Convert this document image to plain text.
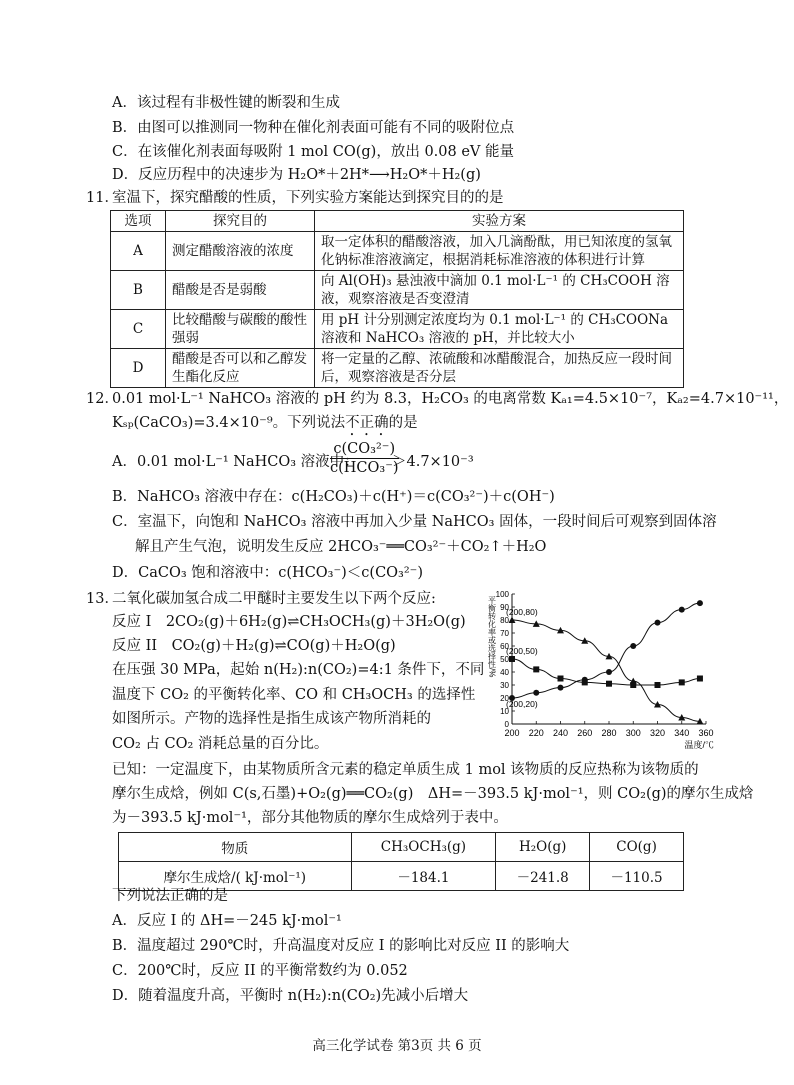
A．该过程有非极性键的断裂和生成
B．由图可以推测同一物种在催化剂表面可能有不同的吸附位点
C．在该催化剂表面每吸附 1 mol CO(g)，放出 0.08 eV 能量
D．反应历程中的决速步为 H₂O*＋2H*⟶H₂O*＋H₂(g)
11．
室温下，探究醋酸的性质，下列实验方案能达到探究目的的是
选项	探究目的	实验方案
A	测定醋酸溶液的浓度	取一定体积的醋酸溶液，加入几滴酚酞，用已知浓度的氢氧化钠标准溶液滴定，根据消耗标准溶液的体积进行计算
B	醋酸是否是弱酸	向 Al(OH)₃ 悬浊液中滴加 0.1 mol·L⁻¹ 的 CH₃COOH 溶液，观察溶液是否变澄清
C	比较醋酸与碳酸的酸性强弱	用 pH 计分别测定浓度均为 0.1 mol·L⁻¹ 的 CH₃COONa 溶液和 NaHCO₃ 溶液的 pH，并比较大小
D	醋酸是否可以和乙醇发生酯化反应	将一定量的乙醇、浓硫酸和冰醋酸混合，加热反应一段时间后，观察溶液是否分层
12．
0.01 mol·L⁻¹ NaHCO₃ 溶液的 pH 约为 8.3，H₂CO₃ 的电离常数 Kₐ₁=4.5×10⁻⁷，Kₐ₂=4.7×10⁻¹¹，
Kₛₚ(CaCO₃)=3.4×10⁻⁹。下列说法不正确的是
A．0.01 mol·L⁻¹ NaHCO₃ 溶液中：
c(CO₃²⁻)
c(HCO₃⁻)
＞4.7×10⁻³
B．NaHCO₃ 溶液中存在：c(H₂CO₃)＋c(H⁺)＝c(CO₃²⁻)＋c(OH⁻)
C．室温下，向饱和 NaHCO₃ 溶液中再加入少量 NaHCO₃ 固体，一段时间后可观察到固体溶
解且产生气泡，说明发生反应 2HCO₃⁻══CO₃²⁻＋CO₂↑＋H₂O
D．CaCO₃ 饱和溶液中：c(HCO₃⁻)＜c(CO₃²⁻)
13．
二氧化碳加氢合成二甲醚时主要发生以下两个反应:
反应 I　2CO₂(g)＋6H₂(g)⇌CH₃OCH₃(g)＋3H₂O(g)
反应 II　CO₂(g)＋H₂(g)⇌CO(g)＋H₂O(g)
在压强 30 MPa，起始 n(H₂):n(CO₂)=4:1 条件下，不同
温度下 CO₂ 的平衡转化率、CO 和 CH₃OCH₃ 的选择性
如图所示。产物的选择性是指生成该产物所消耗的
CO₂ 占 CO₂ 消耗总量的百分比。
已知：一定温度下，由某物质所含元素的稳定单质生成 1 mol 该物质的反应热称为该物质的
摩尔生成焓，例如 C(s,石墨)+O₂(g)══CO₂(g)　ΔH=－393.5 kJ·mol⁻¹，则 CO₂(g)的摩尔生成焓
为－393.5 kJ·mol⁻¹，部分其他物质的摩尔生成焓列于表中。
物质	CH₃OCH₃(g)	H₂O(g)	CO(g)
摩尔生成焓/( kJ·mol⁻¹)	－184.1	－241.8	－110.5
下列说法正确的是
A．反应 I 的 ΔH=－245 kJ·mol⁻¹
B．温度超过 290℃时，升高温度对反应 I 的影响比对反应 II 的影响大
C．200℃时，反应 II 的平衡常数约为 0.052
D．随着温度升高，平衡时 n(H₂):n(CO₂)先减小后增大
200 220 240 260 280 300 320 340 360
0
10
20
30
40
50
60
70
80
90
100
温度/℃
平衡转化率或选择性/% (200,80)
(200,50)
(200,20)
高三化学试卷 第3页 共 6 页
